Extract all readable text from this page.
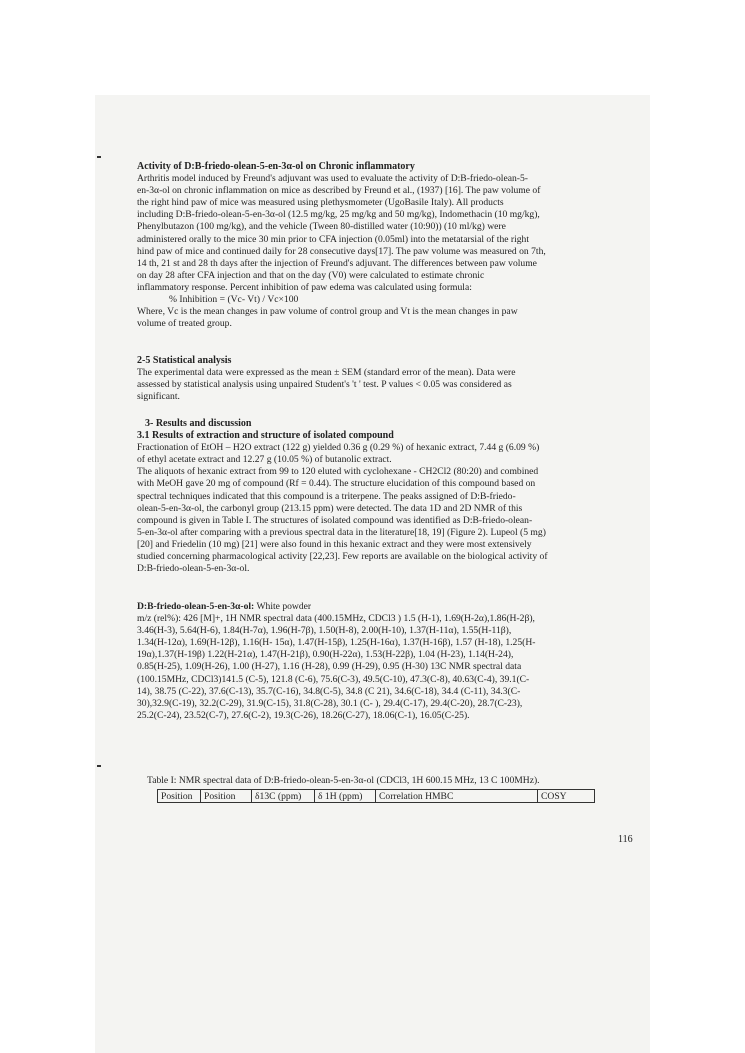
Activity of D:B-friedo-olean-5-en-3α-ol on Chronic inflammatory
Arthritis model induced by Freund's adjuvant was used to evaluate the activity of D:B-friedo-olean-5-
en-3α-ol on chronic inflammation on mice as described by Freund et al., (1937) [16]. The paw volume of
the right hind paw of mice was measured using plethysmometer (UgoBasile Italy). All products
including D:B-friedo-olean-5-en-3α-ol (12.5 mg/kg, 25 mg/kg and 50 mg/kg), Indomethacin (10 mg/kg),
Phenylbutazon (100 mg/kg), and the vehicle (Tween 80-distilled water (10:90)) (10 ml/kg) were
administered orally to the mice 30 min prior to CFA injection (0.05ml) into the metatarsial of the right
hind paw of mice and continued daily for 28 consecutive days[17]. The paw volume was measured on 7th,
14 th, 21 st and 28 th days after the injection of Freund's adjuvant. The differences between paw volume
on day 28 after CFA injection and that on the day (V0) were calculated to estimate chronic
inflammatory response. Percent inhibition of paw edema was calculated using formula:
% Inhibition = (Vc- Vt) / Vc×100
Where, Vc is the mean changes in paw volume of control group and Vt is the mean changes in paw
volume of treated group.
2-5 Statistical analysis
The experimental data were expressed as the mean ± SEM (standard error of the mean). Data were
assessed by statistical analysis using unpaired Student's 't ' test. P values < 0.05 was considered as
significant.
3- Results and discussion
3.1 Results of extraction and structure of isolated compound
Fractionation of EtOH – H2O extract (122 g) yielded 0.36 g (0.29 %) of hexanic extract, 7.44 g (6.09 %)
of ethyl acetate extract and 12.27 g (10.05 %) of butanolic extract.
The aliquots of hexanic extract from 99 to 120 eluted with cyclohexane - CH2Cl2 (80:20) and combined
with MeOH gave 20 mg of compound (Rf = 0.44). The structure elucidation of this compound based on
spectral techniques indicated that this compound is a triterpene. The peaks assigned of D:B-friedo-
olean-5-en-3α-ol, the carbonyl group (213.15 ppm) were detected. The data 1D and 2D NMR of this
compound is given in Table I. The structures of isolated compound was identified as D:B-friedo-olean-
5-en-3α-ol after comparing with a previous spectral data in the literature[18, 19] (Figure 2). Lupeol (5 mg)
[20] and Friedelin (10 mg) [21] were also found in this hexanic extract and they were most extensively
studied concerning pharmacological activity [22,23]. Few reports are available on the biological activity of
D:B-friedo-olean-5-en-3α-ol.
D:B-friedo-olean-5-en-3α-ol: White powder
m/z (rel%): 426 [M]+, 1H NMR spectral data (400.15MHz, CDCl3 ) 1.5 (H-1), 1.69(H-2α),1.86(H-2β),
3.46(H-3), 5.64(H-6), 1.84(H-7α), 1.96(H-7β), 1.50(H-8), 2.00(H-10), 1.37(H-11α), 1.55(H-11β),
1.34(H-12α), 1.69(H-12β), 1.16(H- 15α), 1.47(H-15β), 1.25(H-16α), 1.37(H-16β), 1.57 (H-18), 1.25(H-
19α),1.37(H-19β) 1.22(H-21α), 1.47(H-21β), 0.90(H-22α), 1.53(H-22β), 1.04 (H-23), 1.14(H-24),
0.85(H-25), 1.09(H-26), 1.00 (H-27), 1.16 (H-28), 0.99 (H-29), 0.95 (H-30) 13C NMR spectral data
(100.15MHz, CDCl3)141.5 (C-5), 121.8 (C-6), 75.6(C-3), 49.5(C-10), 47.3(C-8), 40.63(C-4), 39.1(C-
14), 38.75 (C-22), 37.6(C-13), 35.7(C-16), 34.8(C-5), 34.8 (C 21), 34.6(C-18), 34.4 (C-11), 34.3(C-
30),32.9(C-19), 32.2(C-29), 31.9(C-15), 31.8(C-28), 30.1 (C- ), 29.4(C-17), 29.4(C-20), 28.7(C-23),
25.2(C-24), 23.52(C-7), 27.6(C-2), 19.3(C-26), 18.26(C-27), 18.06(C-1), 16.05(C-25).
Table I: NMR spectral data of D:B-friedo-olean-5-en-3α-ol (CDCl3, 1H 600.15 MHz, 13 C 100MHz).
Position	Position	δ13C (ppm)	δ 1H (ppm)	Correlation HMBC	COSY
116
